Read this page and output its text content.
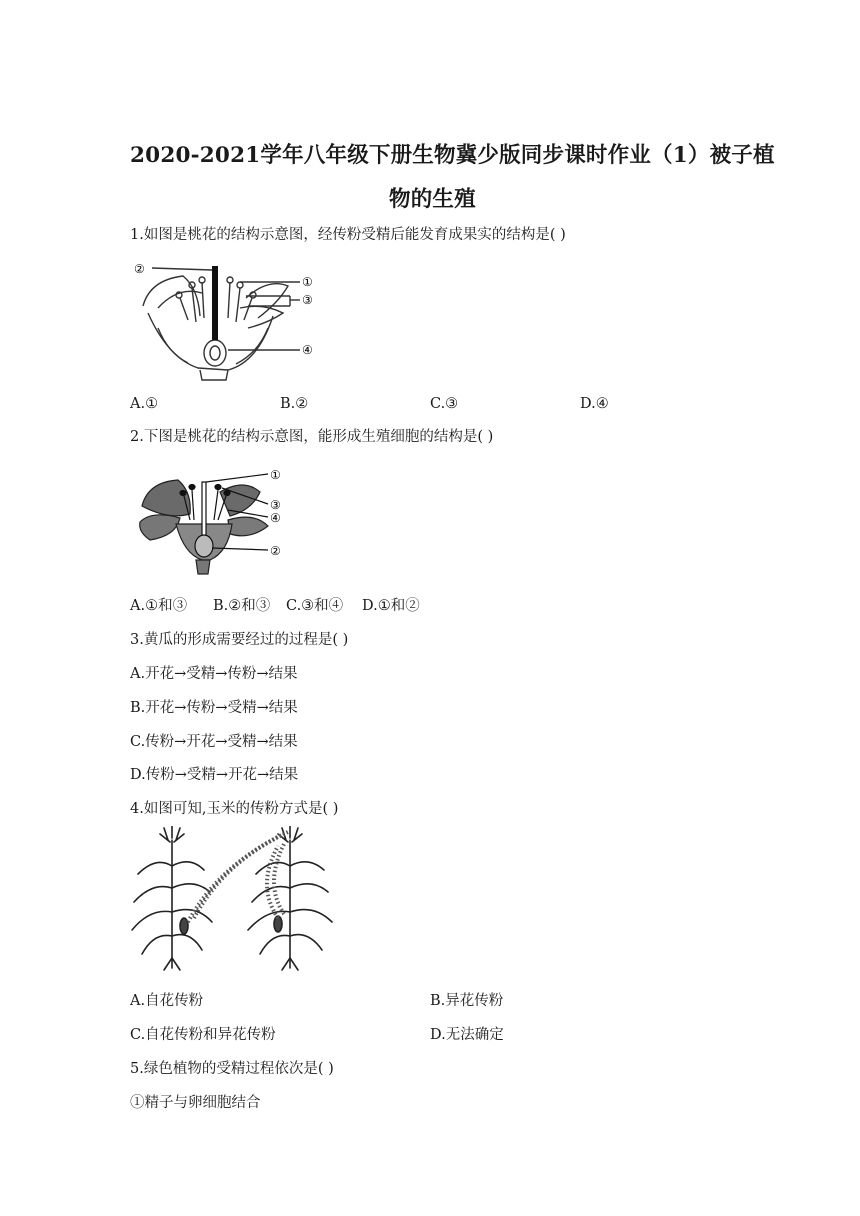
2020-2021学年八年级下册生物冀少版同步课时作业（1）被子植
物的生殖
1.如图是桃花的结构示意图，经传粉受精后能发育成果实的结构是( )
②
①
③
④
A.①	B.②	C.③	D.④
2.下图是桃花的结构示意图，能形成生殖细胞的结构是( )
①
③
④
②
A.①和③ B.②和③ C.③和④ D.①和②
3.黄瓜的形成需要经过的过程是( )
A.开花→受精→传粉→结果
B.开花→传粉→受精→结果
C.传粉→开花→受精→结果
D.传粉→受精→开花→结果
4.如图可知,玉米的传粉方式是( )
A.自花传粉	B.异花传粉
C.自花传粉和异花传粉	D.无法确定
5.绿色植物的受精过程依次是( )
①精子与卵细胞结合
